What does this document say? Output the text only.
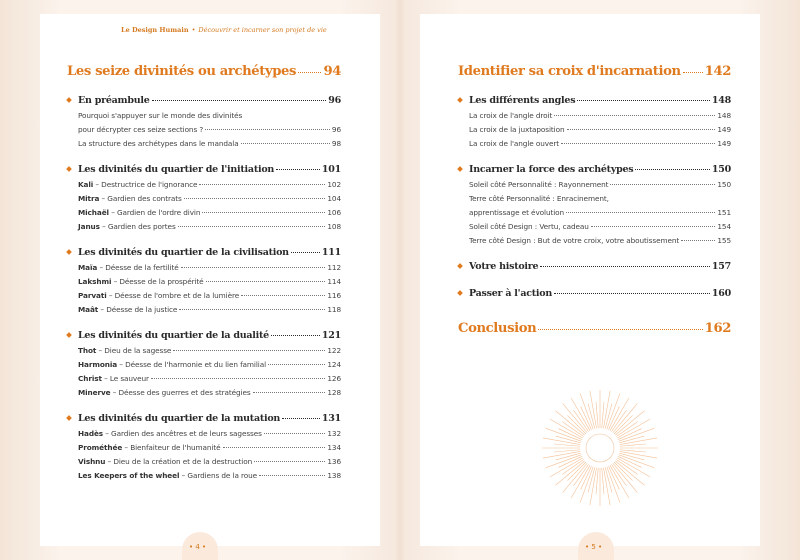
Le Design Humain • Découvrir et incarner son projet de vie
Les seize divinités ou archétypes 94
En préambule	96
Pourquoi s'appuyer sur le monde des divinités
pour décrypter ces seize sections ?	96
La structure des archétypes dans le mandala	98
Les divinités du quartier de l'initiation	101
Kali – Destructrice de l'ignorance	102
Mitra – Gardien des contrats	104
Michaël – Gardien de l'ordre divin	106
Janus – Gardien des portes	108
Les divinités du quartier de la civilisation	111
Maïa – Déesse de la fertilité	112
Lakshmi – Déesse de la prospérité	114
Parvati – Déesse de l'ombre et de la lumière	116
Maât – Déesse de la justice	118
Les divinités du quartier de la dualité	121
Thot – Dieu de la sagesse	122
Harmonia – Déesse de l'harmonie et du lien familial	124
Christ – Le sauveur	126
Minerve – Déesse des guerres et des stratégies	128
Les divinités du quartier de la mutation	131
Hadès – Gardien des ancêtres et de leurs sagesses	132
Prométhée – Bienfaiteur de l'humanité	134
Vishnu – Dieu de la création et de la destruction	136
Les Keepers of the wheel – Gardiens de la roue	138
Identifier sa croix d'incarnation 142
Les différents angles	148
La croix de l'angle droit	148
La croix de la juxtaposition	149
La croix de l'angle ouvert	149
Incarner la force des archétypes	150
Soleil côté Personnalité : Rayonnement	150
Terre côté Personnalité : Enracinement,
apprentissage et évolution	151
Soleil côté Design : Vertu, cadeau	154
Terre côté Design : But de votre croix, votre aboutissement	155
Votre histoire	157
Passer à l'action	160
Conclusion	162
• 4 •	• 5 •
